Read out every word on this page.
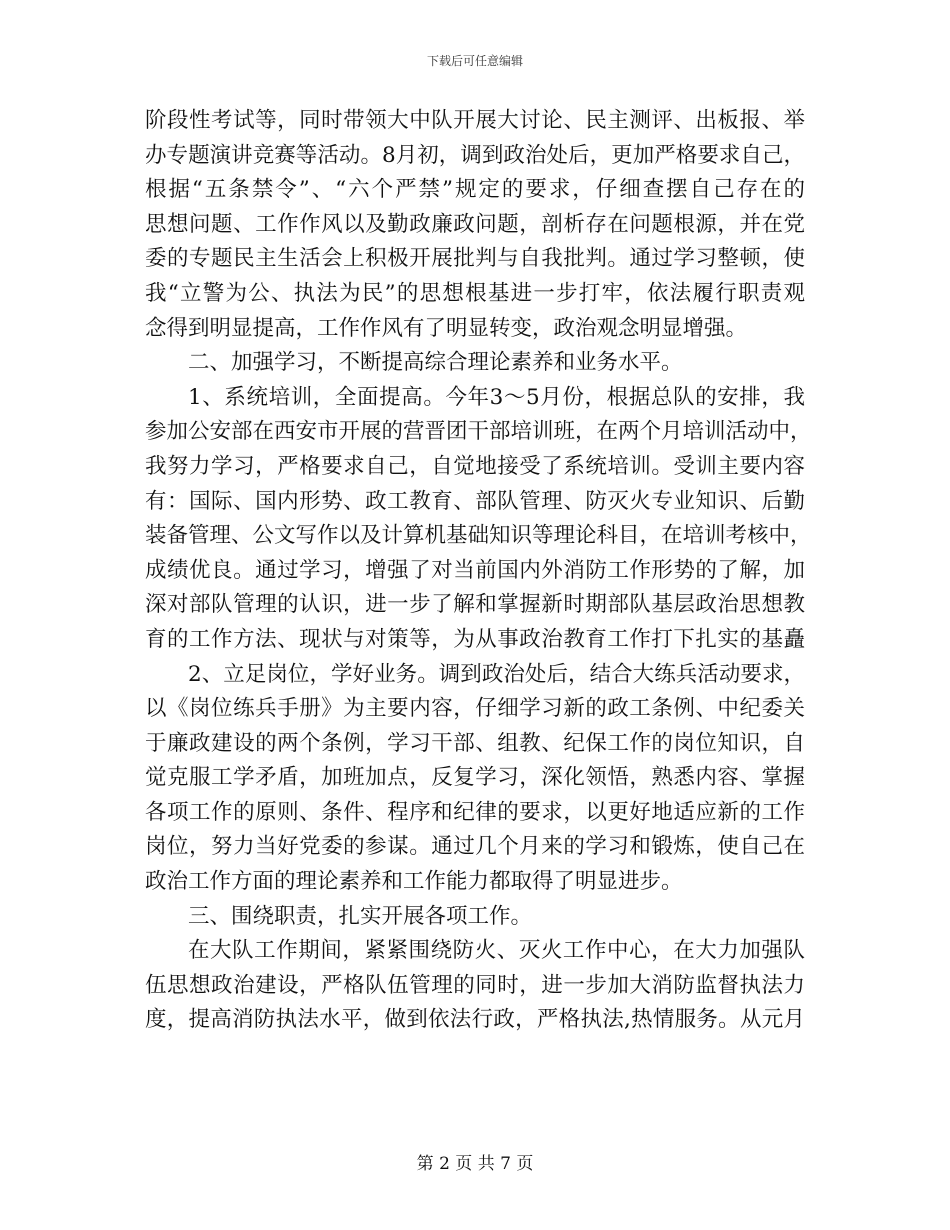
下载后可任意编辑
阶段性考试等，同时带领大中队开展大讨论、民主测评、出板报、举
办专题演讲竞赛等活动。8月初，调到政治处后，更加严格要求自己，
根据“五条禁令”、“六个严禁”规定的要求，仔细查摆自己存在的
思想问题、工作作风以及勤政廉政问题，剖析存在问题根源，并在党
委的专题民主生活会上积极开展批判与自我批判。通过学习整顿，使
我“立警为公、执法为民”的思想根基进一步打牢，依法履行职责观
念得到明显提高，工作作风有了明显转变，政治观念明显增强。
二、加强学习，不断提高综合理论素养和业务水平。
1、系统培训，全面提高。今年3～5月份，根据总队的安排，我
参加公安部在西安市开展的营晋团干部培训班，在两个月培训活动中，
我努力学习，严格要求自己，自觉地接受了系统培训。受训主要内容
有：国际、国内形势、政工教育、部队管理、防灭火专业知识、后勤
装备管理、公文写作以及计算机基础知识等理论科目，在培训考核中，
成绩优良。通过学习，增强了对当前国内外消防工作形势的了解，加
深对部队管理的认识，进一步了解和掌握新时期部队基层政治思想教
育的工作方法、现状与对策等，为从事政治教育工作打下扎实的基矗
2、立足岗位，学好业务。调到政治处后，结合大练兵活动要求，
以《岗位练兵手册》为主要内容，仔细学习新的政工条例、中纪委关
于廉政建设的两个条例，学习干部、组教、纪保工作的岗位知识，自
觉克服工学矛盾，加班加点，反复学习，深化领悟，熟悉内容、掌握
各项工作的原则、条件、程序和纪律的要求，以更好地适应新的工作
岗位，努力当好党委的参谋。通过几个月来的学习和锻炼，使自己在
政治工作方面的理论素养和工作能力都取得了明显进步。
三、围绕职责，扎实开展各项工作。
在大队工作期间，紧紧围绕防火、灭火工作中心，在大力加强队
伍思想政治建设，严格队伍管理的同时，进一步加大消防监督执法力
度，提高消防执法水平，做到依法行政，严格执法,热情服务。从元月
第 2 页 共 7 页
